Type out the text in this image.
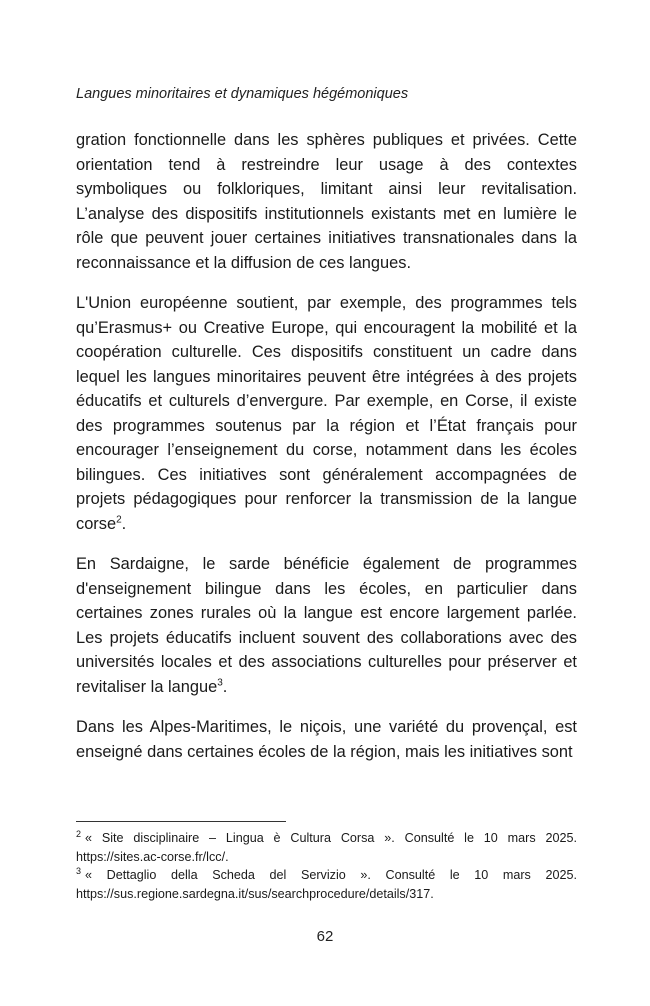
Langues minoritaires et dynamiques hégémoniques

gration fonctionnelle dans les sphères publiques et privées. Cette orientation tend à restreindre leur usage à des contextes symboliques ou folkloriques, limitant ainsi leur revitalisation. L’analyse des dispositifs institutionnels existants met en lumière le rôle que peuvent jouer certaines initiatives transnationales dans la reconnaissance et la diffusion de ces langues.

L'Union européenne soutient, par exemple, des programmes tels qu’Erasmus+ ou Creative Europe, qui encouragent la mobilité et la coopération culturelle. Ces dispositifs constituent un cadre dans lequel les langues minoritaires peuvent être intégrées à des projets éducatifs et culturels d’envergure. Par exemple, en Corse, il existe des programmes soutenus par la région et l’État français pour encourager l’enseignement du corse, notamment dans les écoles bilingues. Ces initiatives sont généralement accompagnées de projets pédagogiques pour renforcer la transmission de la langue corse$^2$.

En Sardaigne, le sarde bénéficie également de programmes d'enseignement bilingue dans les écoles, en particulier dans certaines zones rurales où la langue est encore largement parlée. Les projets éducatifs incluent souvent des collaborations avec des universités locales et des associations culturelles pour préserver et revitaliser la langue$^3$.

Dans les Alpes-Maritimes, le niçois, une variété du provençal, est enseigné dans certaines écoles de la région, mais les initiatives sont

$^2$ « Site disciplinaire – Lingua è Cultura Corsa ». Consulté le 10 mars 2025. https://sites.ac-corse.fr/lcc/.

$^3$ « Dettaglio della Scheda del Servizio ». Consulté le 10 mars 2025. https://sus.regione.sardegna.it/sus/searchprocedure/details/317.

62
